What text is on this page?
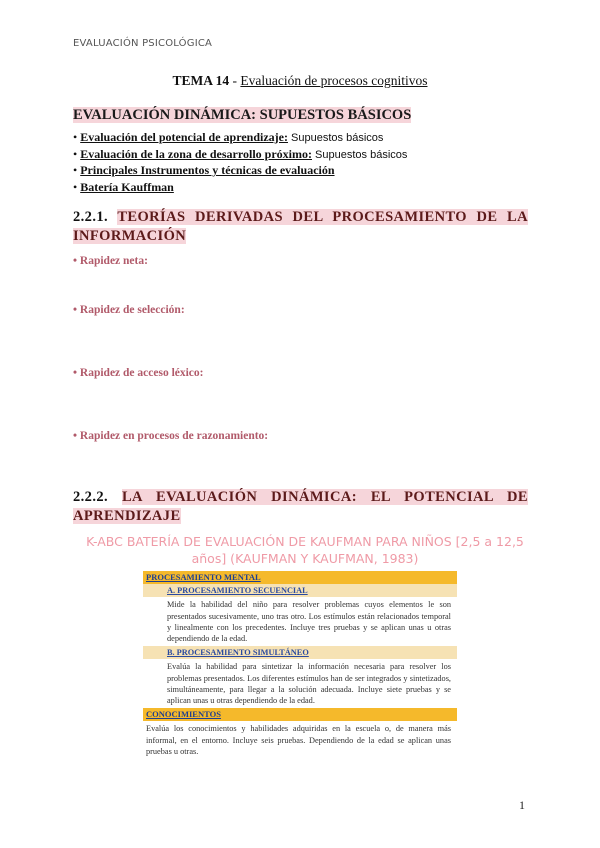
EVALUACIÓN PSICOLÓGICA
TEMA 14 - Evaluación de procesos cognitivos
EVALUACIÓN DINÁMICA: SUPUESTOS BÁSICOS
• Evaluación del potencial de aprendizaje: Supuestos básicos
• Evaluación de la zona de desarrollo próximo: Supuestos básicos
• Principales Instrumentos y técnicas de evaluación
• Batería Kauffman
2.2.1. TEORÍAS DERIVADAS DEL PROCESAMIENTO DE LA INFORMACIÓN
• Rapidez neta:
• Rapidez de selección:
• Rapidez de acceso léxico:
• Rapidez en procesos de razonamiento:
2.2.2. LA EVALUACIÓN DINÁMICA: EL POTENCIAL DE APRENDIZAJE
K-ABC BATERÍA DE EVALUACIÓN DE KAUFMAN PARA NIÑOS [2,5 a 12,5 años] (KAUFMAN Y KAUFMAN, 1983)
PROCESAMIENTO MENTAL
A. PROCESAMIENTO SECUENCIAL
Mide la habilidad del niño para resolver problemas cuyos elementos le son presentados sucesivamente, uno tras otro. Los estímulos están relacionados temporal y linealmente con los precedentes. Incluye tres pruebas y se aplican unas u otras dependiendo de la edad.
B. PROCESAMIENTO SIMULTÁNEO
Evalúa la habilidad para sintetizar la información necesaria para resolver los problemas presentados. Los diferentes estímulos han de ser integrados y sintetizados, simultáneamente, para llegar a la solución adecuada. Incluye siete pruebas y se aplican unas u otras dependiendo de la edad.
CONOCIMIENTOS
Evalúa los conocimientos y habilidades adquiridas en la escuela o, de manera más informal, en el entorno. Incluye seis pruebas. Dependiendo de la edad se aplican unas pruebas u otras.
1
